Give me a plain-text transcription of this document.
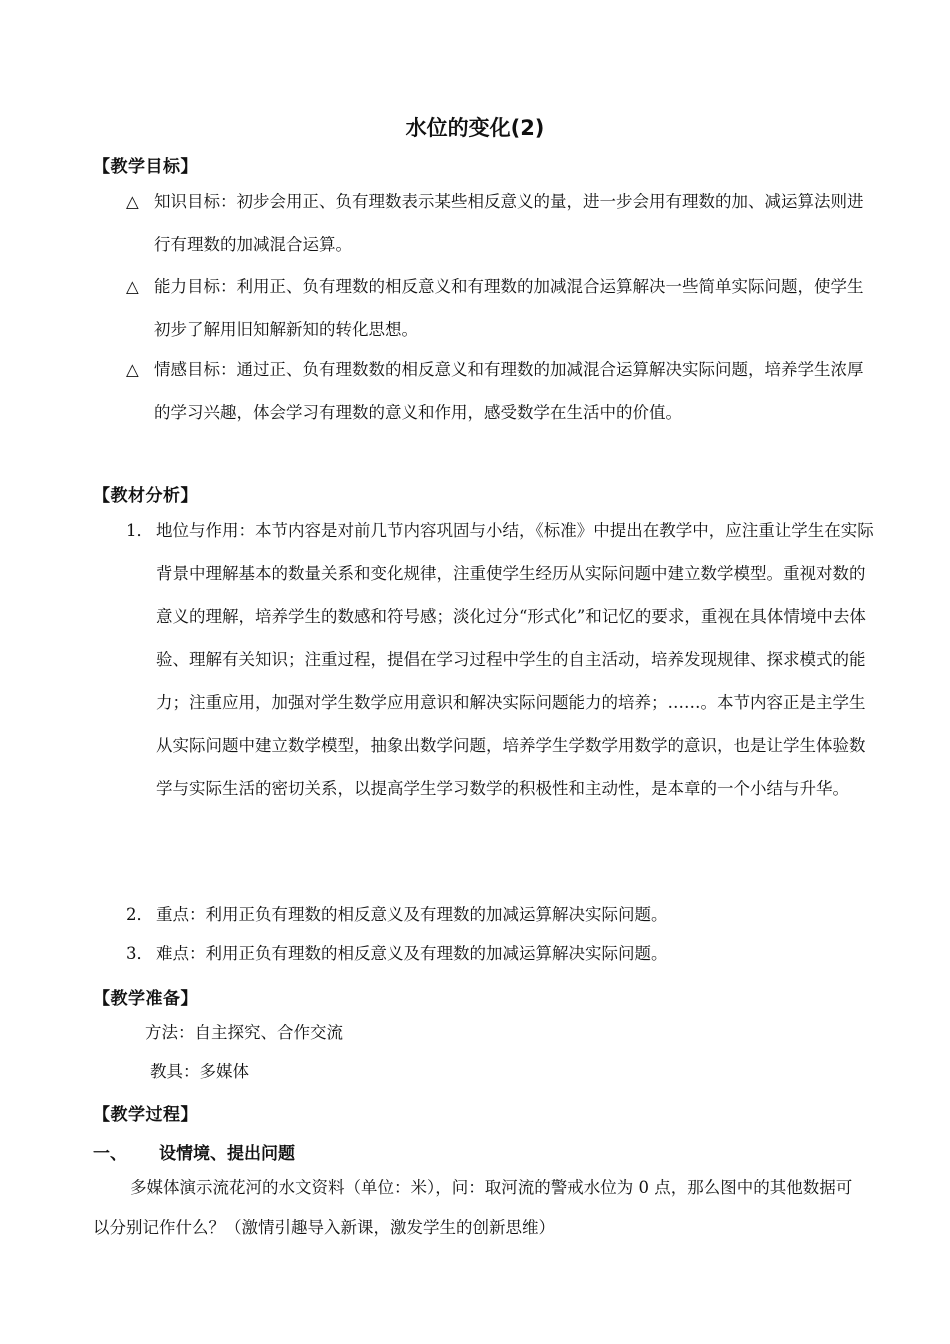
水位的变化(2)
【教学目标】
△ 知识目标：初步会用正、负有理数表示某些相反意义的量，进一步会用有理数的加、减运算法则进行有理数的加减混合运算。
△ 能力目标：利用正、负有理数的相反意义和有理数的加减混合运算解决一些简单实际问题，使学生初步了解用旧知解新知的转化思想。
△ 情感目标：通过正、负有理数数的相反意义和有理数的加减混合运算解决实际问题，培养学生浓厚的学习兴趣，体会学习有理数的意义和作用，感受数学在生活中的价值。
【教材分析】
1． 地位与作用：本节内容是对前几节内容巩固与小结，《标准》中提出在教学中，应注重让学生在实际背景中理解基本的数量关系和变化规律，注重使学生经历从实际问题中建立数学模型。重视对数的意义的理解，培养学生的数感和符号感；淡化过分“形式化”和记忆的要求，重视在具体情境中去体验、理解有关知识；注重过程，提倡在学习过程中学生的自主活动，培养发现规律、探求模式的能力；注重应用，加强对学生数学应用意识和解决实际问题能力的培养；……。本节内容正是主学生从实际问题中建立数学模型，抽象出数学问题，培养学生学数学用数学的意识，也是让学生体验数学与实际生活的密切关系，以提高学生学习数学的积极性和主动性，是本章的一个小结与升华。
2． 重点：利用正负有理数的相反意义及有理数的加减运算解决实际问题。
3． 难点：利用正负有理数的相反意义及有理数的加减运算解决实际问题。
【教学准备】
方法：自主探究、合作交流
教具：多媒体
【教学过程】
一、 设情境、提出问题
多媒体演示流花河的水文资料（单位：米），问：取河流的警戒水位为 0 点，那么图中的其他数据可以分别记作什么？（激情引趣导入新课，激发学生的创新思维）
